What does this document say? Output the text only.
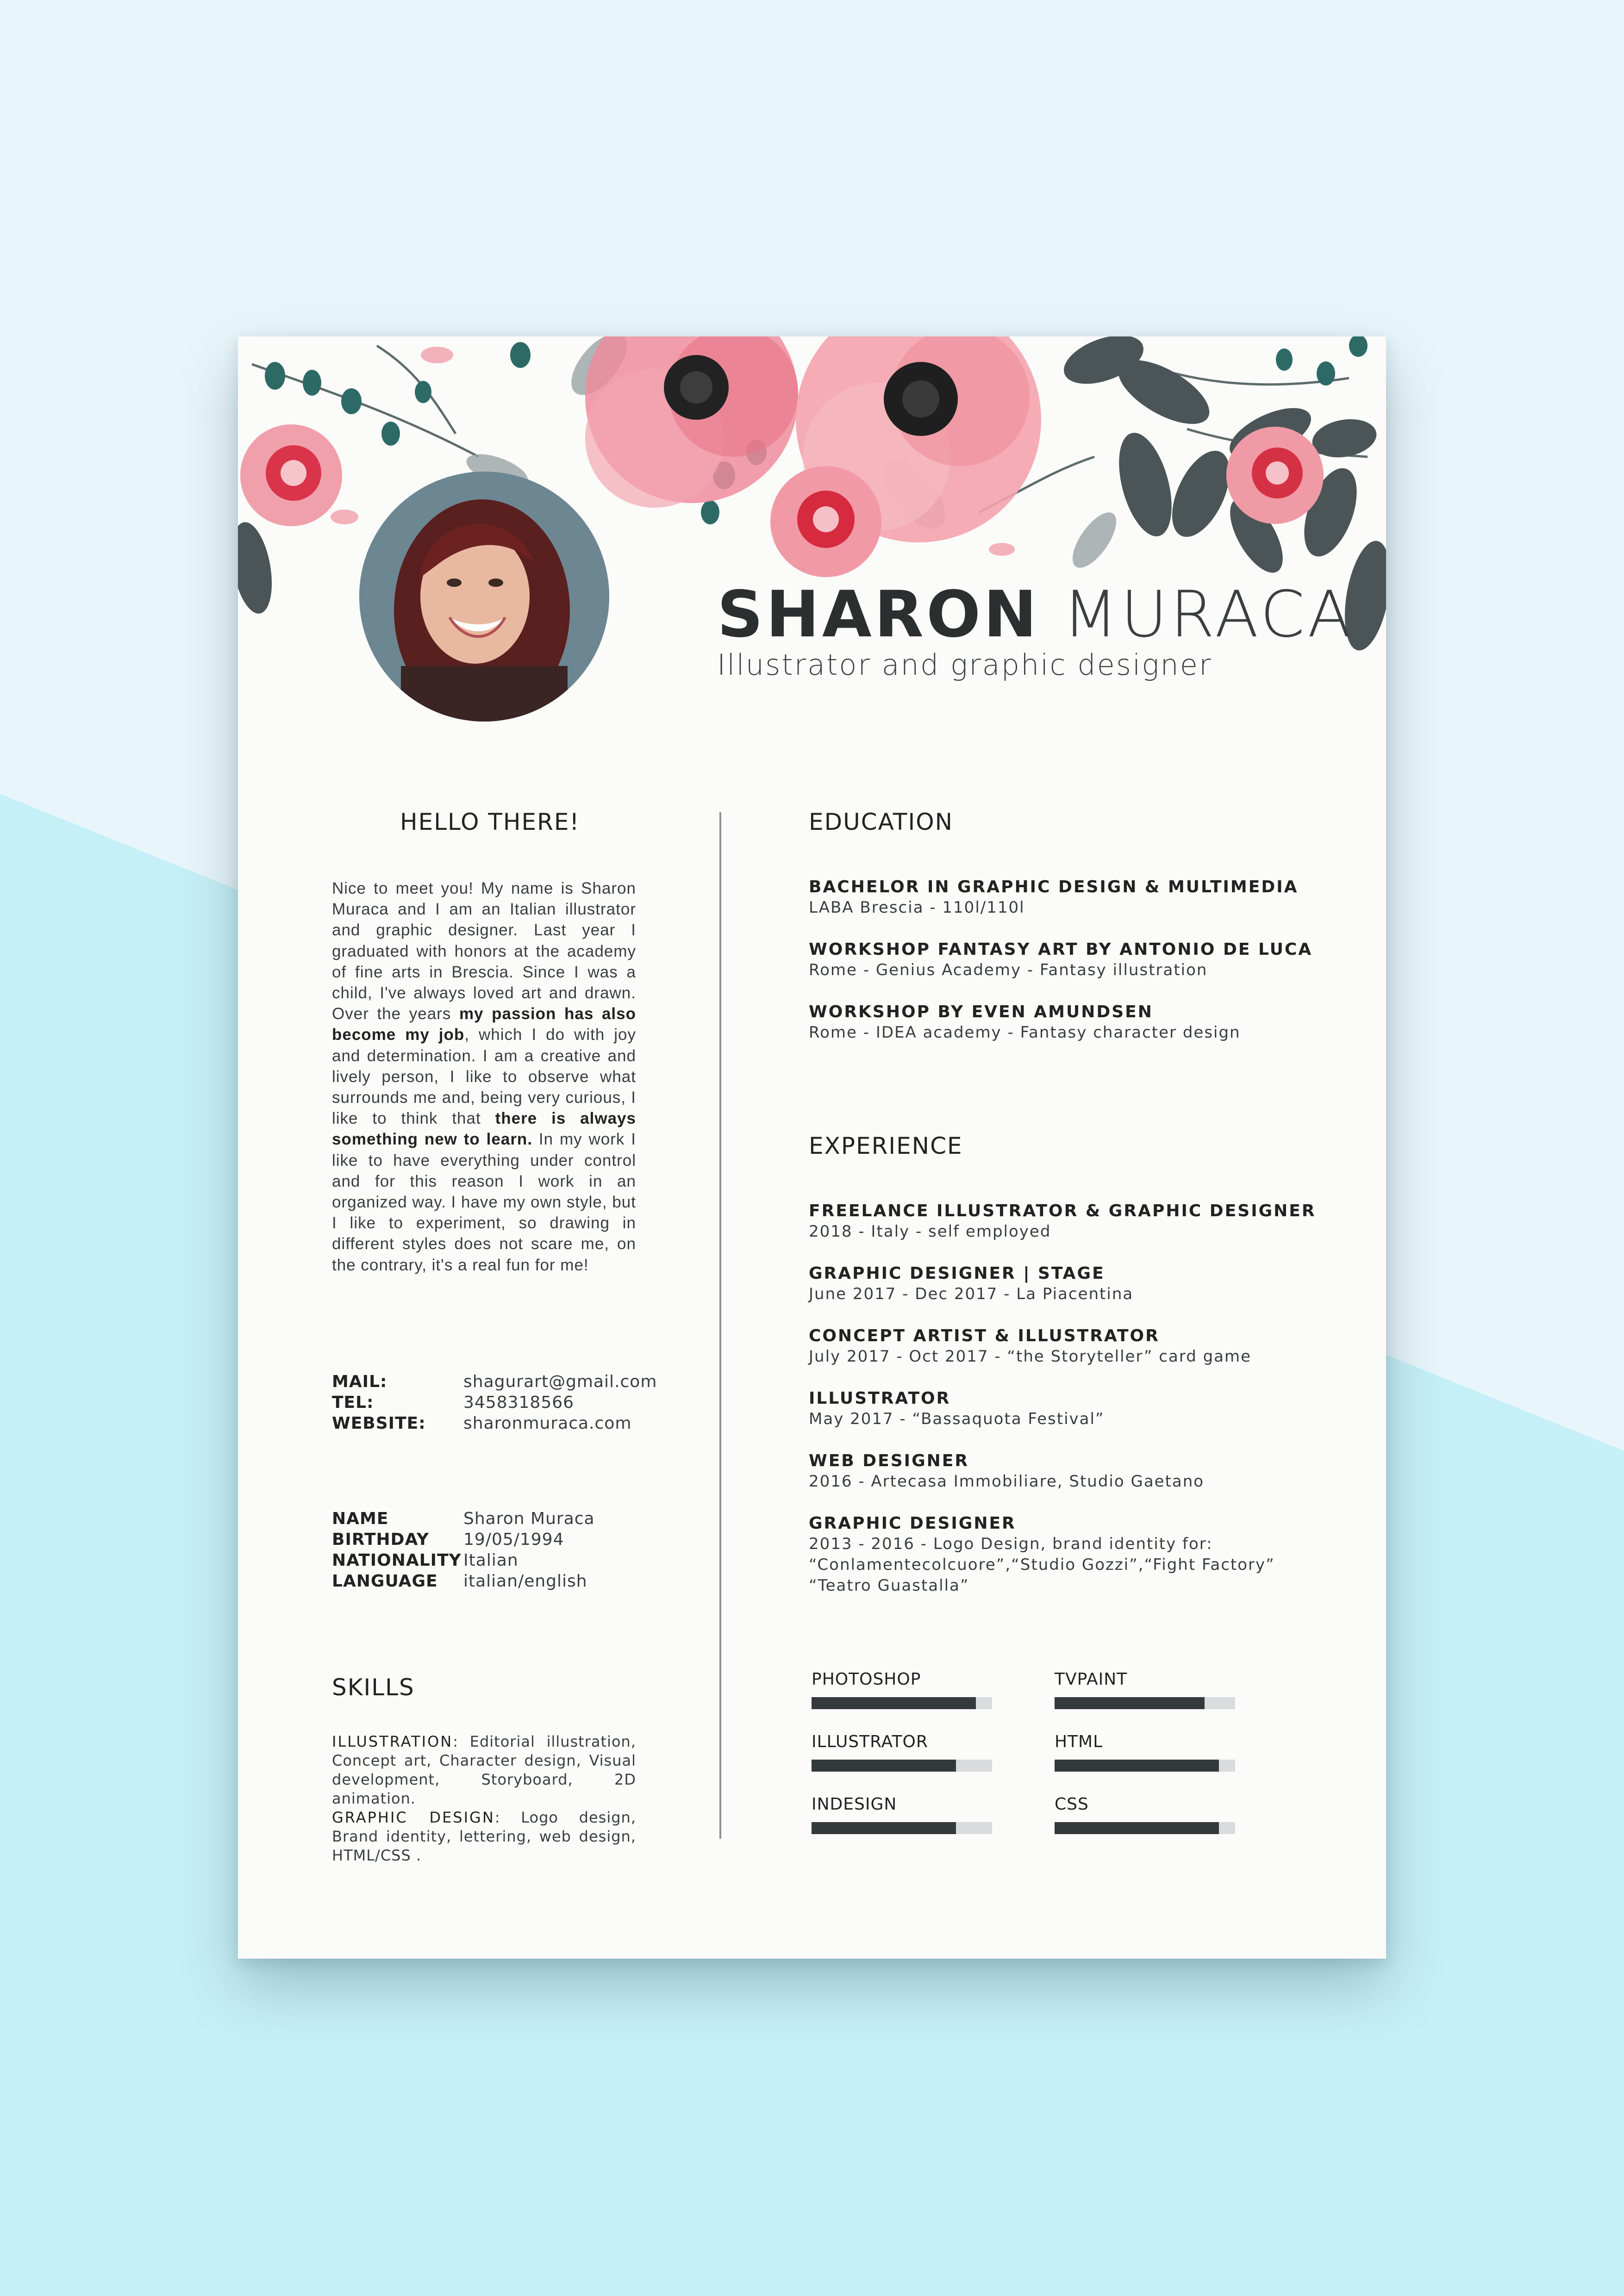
SHARON MURACA

Illustrator and graphic designer

HELLO THERE!

Nice to meet you! My name is Sharon Muraca and I am an Italian illustrator and graphic designer. Last year I graduated with honors at the academy of fine arts in Brescia. Since I was a child, I've always loved art and drawn. Over the years my passion has also become my job, which I do with joy and determination. I am a creative and lively person, I like to observe what surrounds me and, being very curious, I like to think that there is always something new to learn. In my work I like to have everything under control and for this reason I work in an organized way. I have my own style, but I like to experiment, so drawing in different styles does not scare me, on the contrary, it's a real fun for me!

MAIL:	shagurart@gmail.com
TEL:	3458318566
WEBSITE: sharonmuraca.com
NAME	Sharon Muraca
BIRTHDAY 19/05/1994
NATIONALITY Italian
LANGUAGE italian/english
SKILLS

ILLUSTRATION: Editorial illustration, Concept art, Character design, Visual development, Storyboard, 2D animation.

GRAPHIC DESIGN: Logo design, Brand identity, lettering, web design, HTML/CSS .

EDUCATION
BACHELOR IN GRAPHIC DESIGN & MULTIMEDIA
LABA Brescia - 110l/110l
WORKSHOP FANTASY ART BY ANTONIO DE LUCA
Rome - Genius Academy - Fantasy illustration
WORKSHOP BY EVEN AMUNDSEN
Rome - IDEA academy - Fantasy character design
EXPERIENCE
FREELANCE ILLUSTRATOR & GRAPHIC DESIGNER
2018 - Italy - self employed
GRAPHIC DESIGNER | STAGE
June 2017 - Dec 2017 - La Piacentina
CONCEPT ARTIST & ILLUSTRATOR
July 2017 - Oct 2017 - “the Storyteller” card game
ILLUSTRATOR
May 2017 - “Bassaquota Festival”
WEB DESIGNER
2016 - Artecasa Immobiliare, Studio Gaetano
GRAPHIC DESIGNER
2013 - 2016 - Logo Design, brand identity for:
“Conlamentecolcuore”,“Studio Gozzi”,“Fight Factory”
“Teatro Guastalla”
PHOTOSHOP	TVPAINT
ILLUSTRATOR	HTML
INDESIGN	CSS
